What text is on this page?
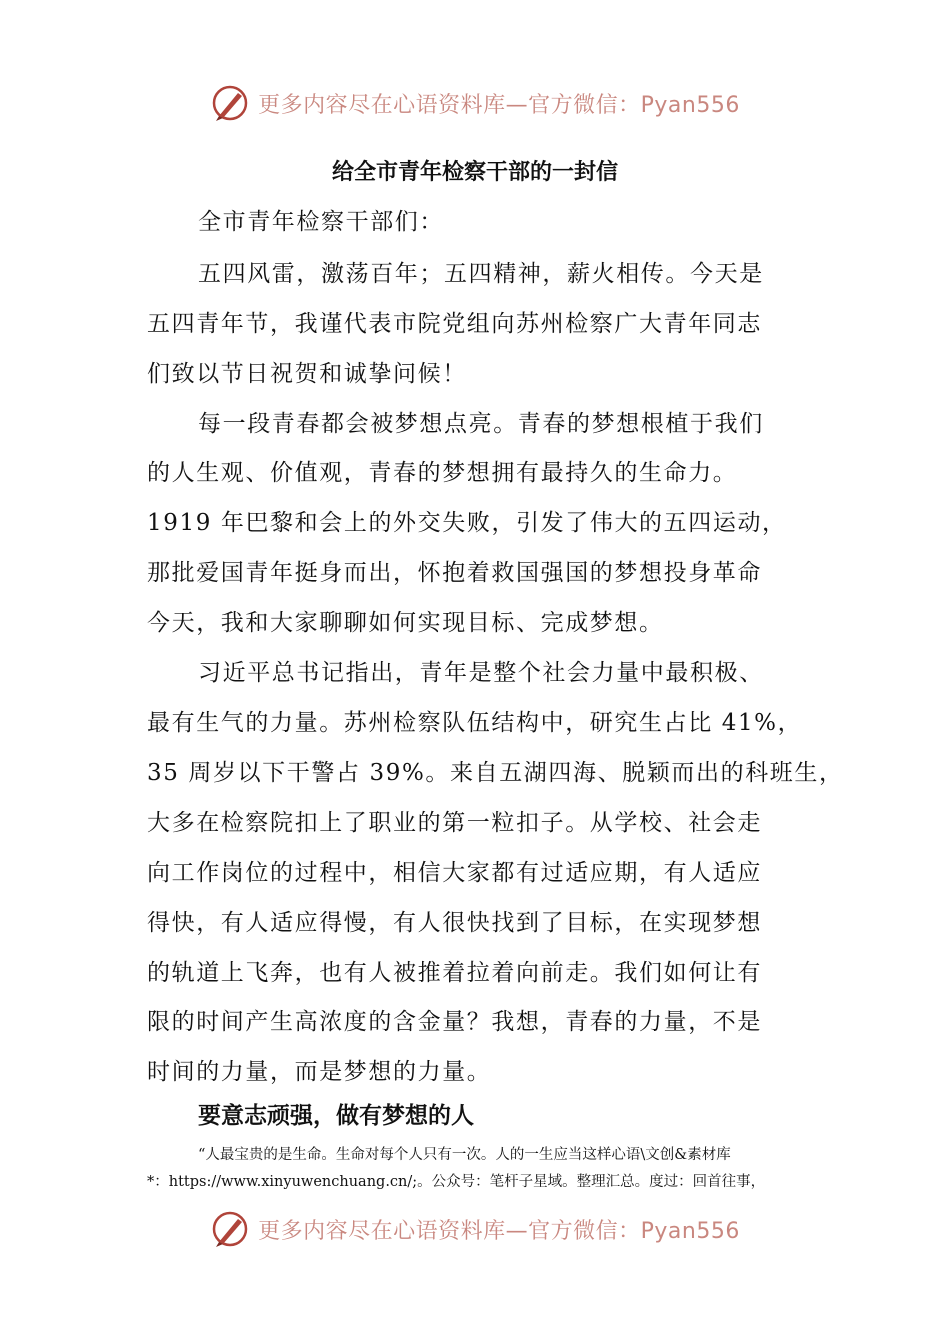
更多内容尽在心语资料库—官方微信：Pyan556
给全市青年检察干部的一封信
全市青年检察干部们：
五四风雷，激荡百年；五四精神，薪火相传。今天是
五四青年节，我谨代表市院党组向苏州检察广大青年同志
们致以节日祝贺和诚挚问候！
每一段青春都会被梦想点亮。青春的梦想根植于我们
的人生观、价值观，青春的梦想拥有最持久的生命力。
1919 年巴黎和会上的外交失败，引发了伟大的五四运动，
那批爱国青年挺身而出，怀抱着救国强国的梦想投身革命
今天，我和大家聊聊如何实现目标、完成梦想。
习近平总书记指出，青年是整个社会力量中最积极、
最有生气的力量。苏州检察队伍结构中，研究生占比 41%，
35 周岁以下干警占 39%。来自五湖四海、脱颖而出的科班生，
大多在检察院扣上了职业的第一粒扣子。从学校、社会走
向工作岗位的过程中，相信大家都有过适应期，有人适应
得快，有人适应得慢，有人很快找到了目标，在实现梦想
的轨道上飞奔，也有人被推着拉着向前走。我们如何让有
限的时间产生高浓度的含金量？我想，青春的力量，不是
时间的力量，而是梦想的力量。
要意志顽强，做有梦想的人
“人最宝贵的是生命。生命对每个人只有一次。人的一生应当这样心语\文创&素材库
*：https://www.xinyuwenchuang.cn/;。公众号：笔杆子星域。整理汇总。度过：回首往事，
更多内容尽在心语资料库—官方微信：Pyan556
